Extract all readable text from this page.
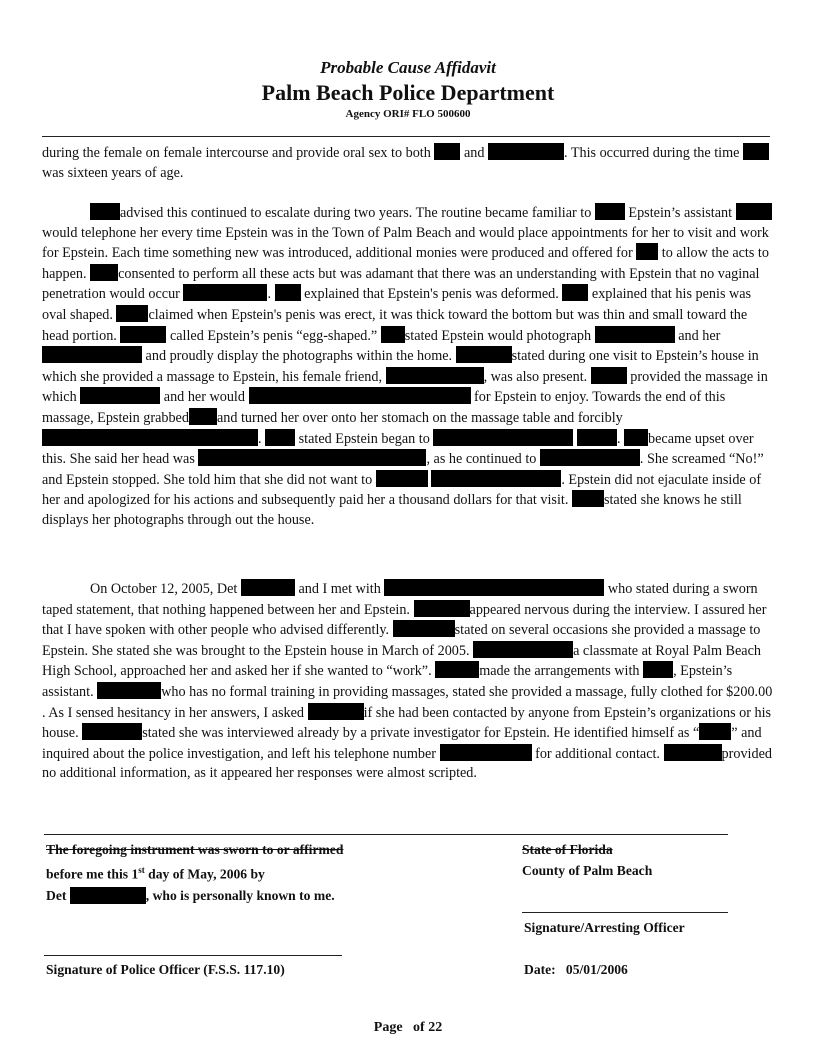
Probable Cause Affidavit
Palm Beach Police Department
Agency ORI# FLO 500600

during the female on female intercourse and provide oral sex to both and	. This occurred during the time  was sixteen years of age.

advised this continued to escalate during two years. The routine became familiar to	Epstein’s assistant  would telephone her every time Epstein was in the Town of Palm Beach and would place appointments for her to visit and work for Epstein. Each time something new was introduced, additional monies were produced and offered for to allow the acts to happen. consented to perform all these acts but was adamant that there was an understanding with Epstein that no vaginal penetration would occur	. explained that Epstein's penis was deformed. explained that his penis was oval shaped.	claimed when Epstein's penis was erect, it was thick toward the bottom but was thin and small toward the head portion.	called Epstein’s penis “egg-shaped.” stated Epstein would photograph	and her  and proudly display the photographs within the home.	stated during one visit to Epstein’s house in which she provided a massage to Epstein, his female friend,	, was also present.	provided the massage in which	and her would	for Epstein to enjoy. Towards the end of this massage, Epstein grabbed and turned her over onto her stomach on the massage table and forcibly .	stated Epstein began to	. became upset over this. She said her head was	, as he continued to	. She screamed “No!” and Epstein stopped. She told him that she did not want to	. Epstein did not ejaculate inside of her and apologized for his actions and subsequently paid her a thousand dollars for that visit.	stated she knows he still displays her photographs through out the house.

On October 12, 2005, Det	and I met with	who stated during a sworn taped statement, that nothing happened between her and Epstein.	appeared nervous during the interview. I assured her that I have spoken with other people who advised differently.	stated on several occasions she provided a massage to Epstein. She stated she was brought to the Epstein house in March of 2005.	a classmate at Royal Palm Beach High School, approached her and asked her if she wanted to “work”.	made the arrangements with , Epstein’s assistant.	who has no formal training in providing massages, stated she provided a massage, fully clothed for $200.00 . As I sensed hesitancy in her answers, I asked	if she had been contacted by anyone from Epstein’s organizations or his house.	stated she was interviewed already by a private investigator for Epstein. He identified himself as “ ” and inquired about the police investigation, and left his telephone number	for additional contact.	provided no additional information, as it appeared her responses were almost scripted.

The foregoing instrument was sworn to or affirmed
before me this 1st day of May, 2006 by
Det	, who is personally known to me.
State of Florida
County of Palm Beach
Signature/Arresting Officer
Signature of Police Officer (F.S.S. 117.10)	Date: 05/01/2006
Page of 22
